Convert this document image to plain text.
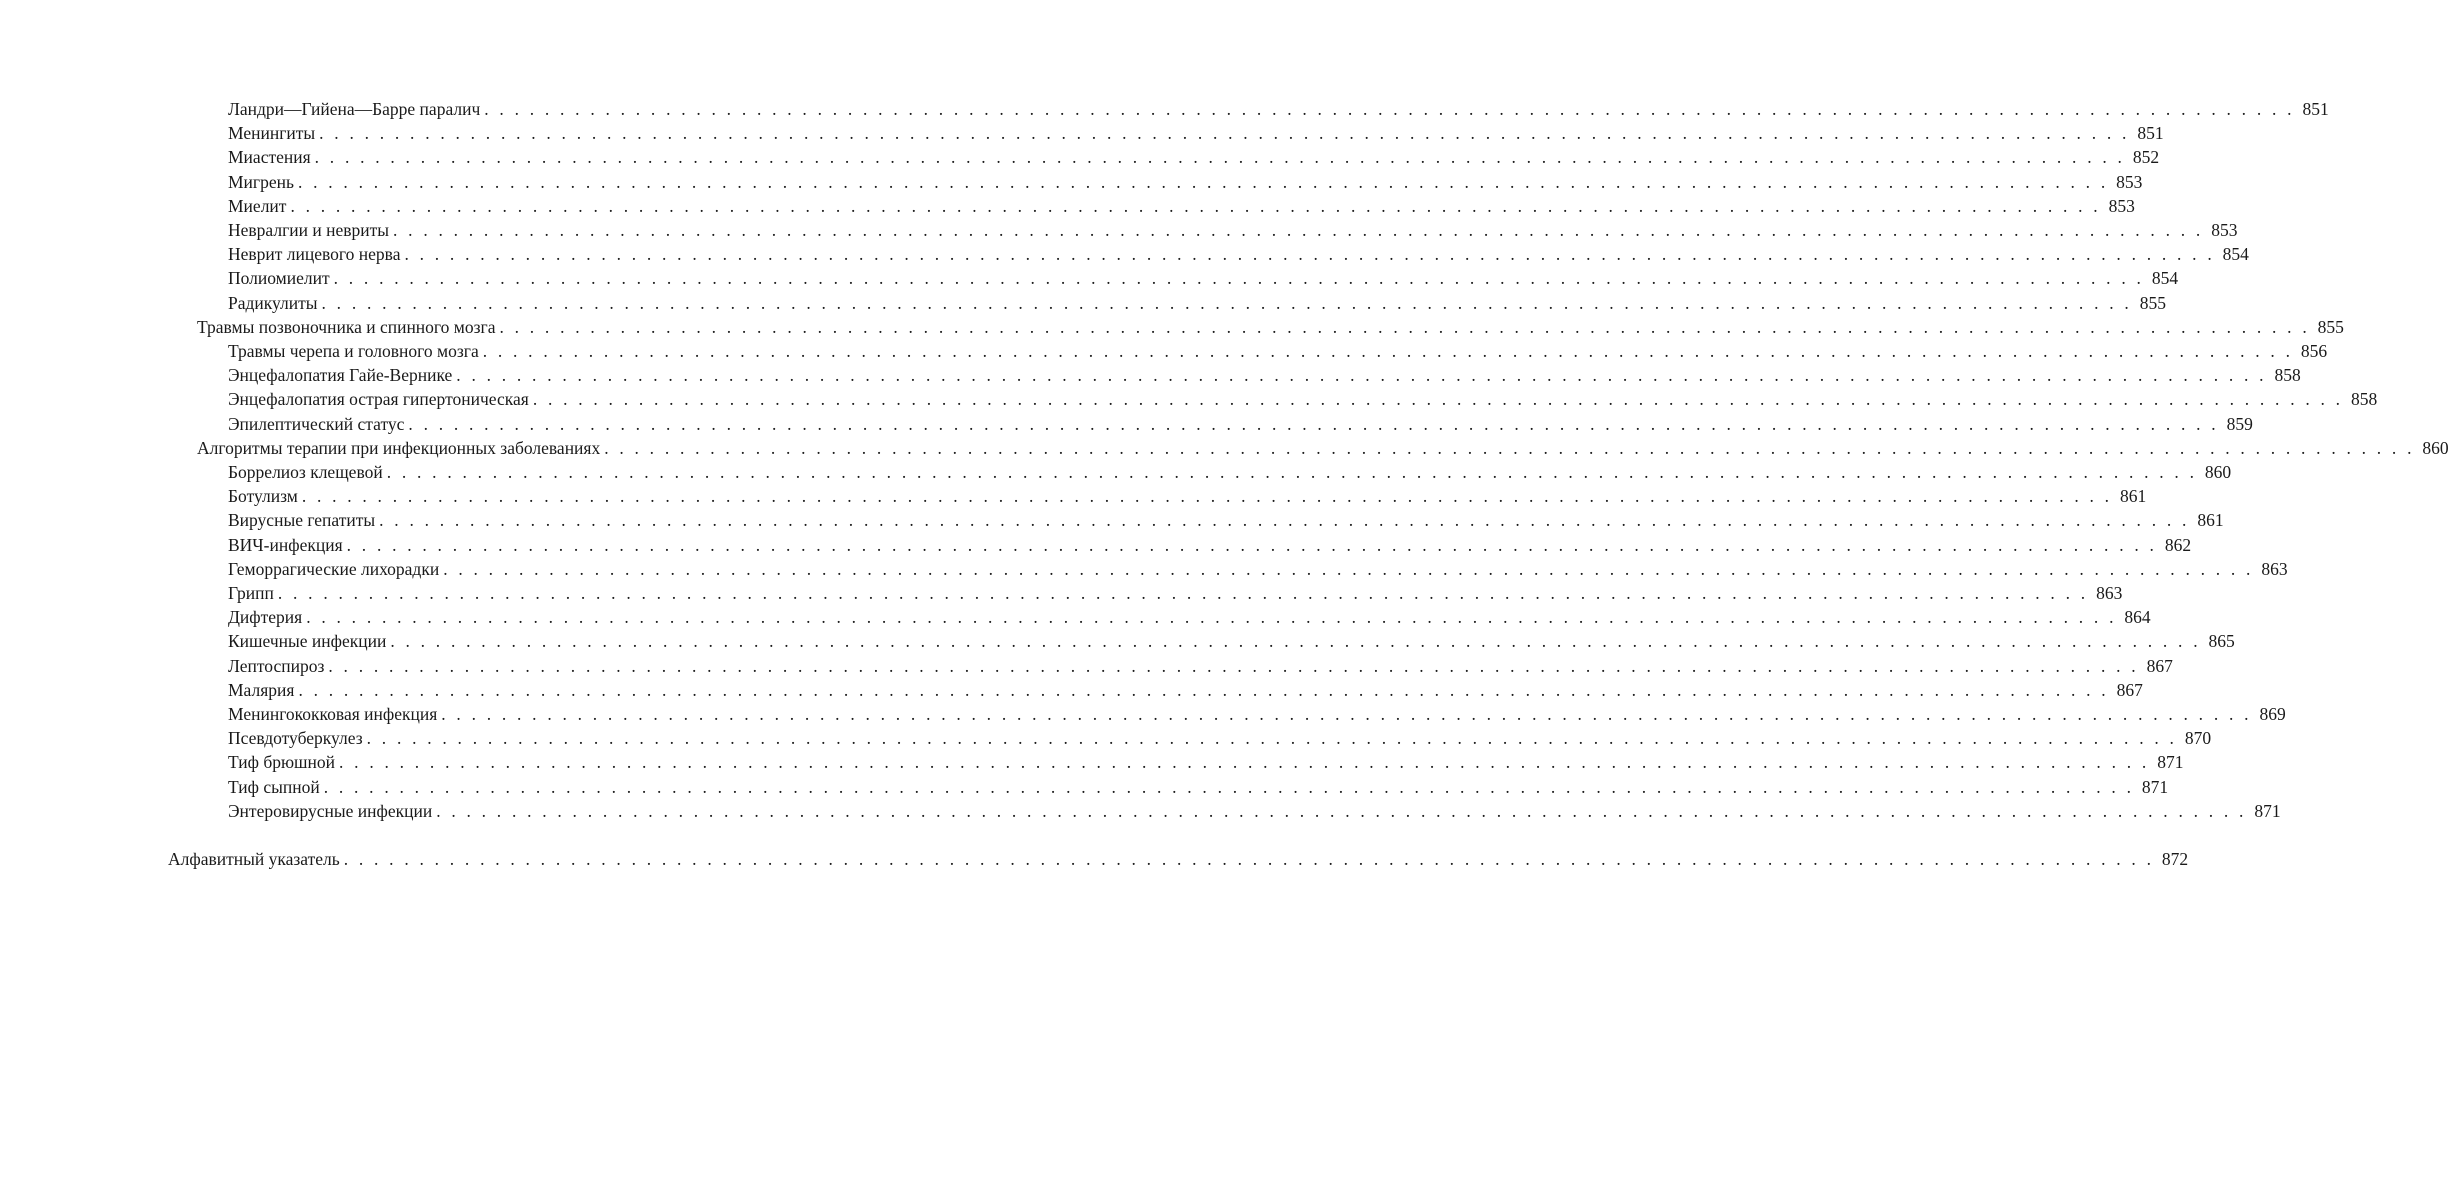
Ландри—Гийена—Барре паралич . . . . . . . . . . . . . . . . . . . . . . . . . . . . . . . . . . . . . . . . . . . . . . . . . . . . . . . . . . . . . . . . . . . . . . . . . . . . . . . . . . . . . . . . . . . . . . . . . . . . . . . . . . . . . . . . . . . . . . . . 851
Менингиты . . . . . . . . . . . . . . . . . . . . . . . . . . . . . . . . . . . . . . . . . . . . . . . . . . . . . . . . . . . . . . . . . . . . . . . . . . . . . . . . . . . . . . . . . . . . . . . . . . . . . . . . . . . . . . . . . . . . . . . . 851
Миастения . . . . . . . . . . . . . . . . . . . . . . . . . . . . . . . . . . . . . . . . . . . . . . . . . . . . . . . . . . . . . . . . . . . . . . . . . . . . . . . . . . . . . . . . . . . . . . . . . . . . . . . . . . . . . . . . . . . . . . . . 852
Мигрень . . . . . . . . . . . . . . . . . . . . . . . . . . . . . . . . . . . . . . . . . . . . . . . . . . . . . . . . . . . . . . . . . . . . . . . . . . . . . . . . . . . . . . . . . . . . . . . . . . . . . . . . . . . . . . . . . . . . . . . . 853
Миелит . . . . . . . . . . . . . . . . . . . . . . . . . . . . . . . . . . . . . . . . . . . . . . . . . . . . . . . . . . . . . . . . . . . . . . . . . . . . . . . . . . . . . . . . . . . . . . . . . . . . . . . . . . . . . . . . . . . . . . . . 853
Невралгии и невриты . . . . . . . . . . . . . . . . . . . . . . . . . . . . . . . . . . . . . . . . . . . . . . . . . . . . . . . . . . . . . . . . . . . . . . . . . . . . . . . . . . . . . . . . . . . . . . . . . . . . . . . . . . . . . . . . . . . . . . . . 853
Неврит лицевого нерва . . . . . . . . . . . . . . . . . . . . . . . . . . . . . . . . . . . . . . . . . . . . . . . . . . . . . . . . . . . . . . . . . . . . . . . . . . . . . . . . . . . . . . . . . . . . . . . . . . . . . . . . . . . . . . . . . . . . . . . . 854
Полиомиелит . . . . . . . . . . . . . . . . . . . . . . . . . . . . . . . . . . . . . . . . . . . . . . . . . . . . . . . . . . . . . . . . . . . . . . . . . . . . . . . . . . . . . . . . . . . . . . . . . . . . . . . . . . . . . . . . . . . . . . . . 854
Радикулиты . . . . . . . . . . . . . . . . . . . . . . . . . . . . . . . . . . . . . . . . . . . . . . . . . . . . . . . . . . . . . . . . . . . . . . . . . . . . . . . . . . . . . . . . . . . . . . . . . . . . . . . . . . . . . . . . . . . . . . . . 855
Травмы позвоночника и спинного мозга . . . . . . . . . . . . . . . . . . . . . . . . . . . . . . . . . . . . . . . . . . . . . . . . . . . . . . . . . . . . . . . . . . . . . . . . . . . . . . . . . . . . . . . . . . . . . . . . . . . . . . . . . . . . . . . . . . . . . . . . 855
Травмы черепа и головного мозга . . . . . . . . . . . . . . . . . . . . . . . . . . . . . . . . . . . . . . . . . . . . . . . . . . . . . . . . . . . . . . . . . . . . . . . . . . . . . . . . . . . . . . . . . . . . . . . . . . . . . . . . . . . . . . . . . . . . . . . . 856
Энцефалопатия Гайе-Вернике . . . . . . . . . . . . . . . . . . . . . . . . . . . . . . . . . . . . . . . . . . . . . . . . . . . . . . . . . . . . . . . . . . . . . . . . . . . . . . . . . . . . . . . . . . . . . . . . . . . . . . . . . . . . . . . . . . . . . . . . 858
Энцефалопатия острая гипертоническая . . . . . . . . . . . . . . . . . . . . . . . . . . . . . . . . . . . . . . . . . . . . . . . . . . . . . . . . . . . . . . . . . . . . . . . . . . . . . . . . . . . . . . . . . . . . . . . . . . . . . . . . . . . . . . . . . . . . . . . . 858
Эпилептический статус . . . . . . . . . . . . . . . . . . . . . . . . . . . . . . . . . . . . . . . . . . . . . . . . . . . . . . . . . . . . . . . . . . . . . . . . . . . . . . . . . . . . . . . . . . . . . . . . . . . . . . . . . . . . . . . . . . . . . . . . 859
Алгоритмы терапии при инфекционных заболеваниях . . . . . . . . . . . . . . . . . . . . . . . . . . . . . . . . . . . . . . . . . . . . . . . . . . . . . . . . . . . . . . . . . . . . . . . . . . . . . . . . . . . . . . . . . . . . . . . . . . . . . . . . . . . . . . . . . . . . . . . . 860
Боррелиоз клещевой . . . . . . . . . . . . . . . . . . . . . . . . . . . . . . . . . . . . . . . . . . . . . . . . . . . . . . . . . . . . . . . . . . . . . . . . . . . . . . . . . . . . . . . . . . . . . . . . . . . . . . . . . . . . . . . . . . . . . . . . 860
Ботулизм . . . . . . . . . . . . . . . . . . . . . . . . . . . . . . . . . . . . . . . . . . . . . . . . . . . . . . . . . . . . . . . . . . . . . . . . . . . . . . . . . . . . . . . . . . . . . . . . . . . . . . . . . . . . . . . . . . . . . . . . 861
Вирусные гепатиты . . . . . . . . . . . . . . . . . . . . . . . . . . . . . . . . . . . . . . . . . . . . . . . . . . . . . . . . . . . . . . . . . . . . . . . . . . . . . . . . . . . . . . . . . . . . . . . . . . . . . . . . . . . . . . . . . . . . . . . . 861
ВИЧ-инфекция . . . . . . . . . . . . . . . . . . . . . . . . . . . . . . . . . . . . . . . . . . . . . . . . . . . . . . . . . . . . . . . . . . . . . . . . . . . . . . . . . . . . . . . . . . . . . . . . . . . . . . . . . . . . . . . . . . . . . . . . 862
Геморрагические лихорадки . . . . . . . . . . . . . . . . . . . . . . . . . . . . . . . . . . . . . . . . . . . . . . . . . . . . . . . . . . . . . . . . . . . . . . . . . . . . . . . . . . . . . . . . . . . . . . . . . . . . . . . . . . . . . . . . . . . . . . . . 863
Грипп . . . . . . . . . . . . . . . . . . . . . . . . . . . . . . . . . . . . . . . . . . . . . . . . . . . . . . . . . . . . . . . . . . . . . . . . . . . . . . . . . . . . . . . . . . . . . . . . . . . . . . . . . . . . . . . . . . . . . . . . 863
Дифтерия . . . . . . . . . . . . . . . . . . . . . . . . . . . . . . . . . . . . . . . . . . . . . . . . . . . . . . . . . . . . . . . . . . . . . . . . . . . . . . . . . . . . . . . . . . . . . . . . . . . . . . . . . . . . . . . . . . . . . . . . 864
Кишечные инфекции . . . . . . . . . . . . . . . . . . . . . . . . . . . . . . . . . . . . . . . . . . . . . . . . . . . . . . . . . . . . . . . . . . . . . . . . . . . . . . . . . . . . . . . . . . . . . . . . . . . . . . . . . . . . . . . . . . . . . . . . 865
Лептоспироз . . . . . . . . . . . . . . . . . . . . . . . . . . . . . . . . . . . . . . . . . . . . . . . . . . . . . . . . . . . . . . . . . . . . . . . . . . . . . . . . . . . . . . . . . . . . . . . . . . . . . . . . . . . . . . . . . . . . . . . . 867
Малярия . . . . . . . . . . . . . . . . . . . . . . . . . . . . . . . . . . . . . . . . . . . . . . . . . . . . . . . . . . . . . . . . . . . . . . . . . . . . . . . . . . . . . . . . . . . . . . . . . . . . . . . . . . . . . . . . . . . . . . . . 867
Менингококковая инфекция . . . . . . . . . . . . . . . . . . . . . . . . . . . . . . . . . . . . . . . . . . . . . . . . . . . . . . . . . . . . . . . . . . . . . . . . . . . . . . . . . . . . . . . . . . . . . . . . . . . . . . . . . . . . . . . . . . . . . . . . 869
Псевдотуберкулез . . . . . . . . . . . . . . . . . . . . . . . . . . . . . . . . . . . . . . . . . . . . . . . . . . . . . . . . . . . . . . . . . . . . . . . . . . . . . . . . . . . . . . . . . . . . . . . . . . . . . . . . . . . . . . . . . . . . . . . . 870
Тиф брюшной . . . . . . . . . . . . . . . . . . . . . . . . . . . . . . . . . . . . . . . . . . . . . . . . . . . . . . . . . . . . . . . . . . . . . . . . . . . . . . . . . . . . . . . . . . . . . . . . . . . . . . . . . . . . . . . . . . . . . . . . 871
Тиф сыпной . . . . . . . . . . . . . . . . . . . . . . . . . . . . . . . . . . . . . . . . . . . . . . . . . . . . . . . . . . . . . . . . . . . . . . . . . . . . . . . . . . . . . . . . . . . . . . . . . . . . . . . . . . . . . . . . . . . . . . . . 871
Энтеровирусные инфекции . . . . . . . . . . . . . . . . . . . . . . . . . . . . . . . . . . . . . . . . . . . . . . . . . . . . . . . . . . . . . . . . . . . . . . . . . . . . . . . . . . . . . . . . . . . . . . . . . . . . . . . . . . . . . . . . . . . . . . . . 871
Алфавитный указатель . . . . . . . . . . . . . . . . . . . . . . . . . . . . . . . . . . . . . . . . . . . . . . . . . . . . . . . . . . . . . . . . . . . . . . . . . . . . . . . . . . . . . . . . . . . . . . . . . . . . . . . . . . . . . . . . . . . . . . . . 872
